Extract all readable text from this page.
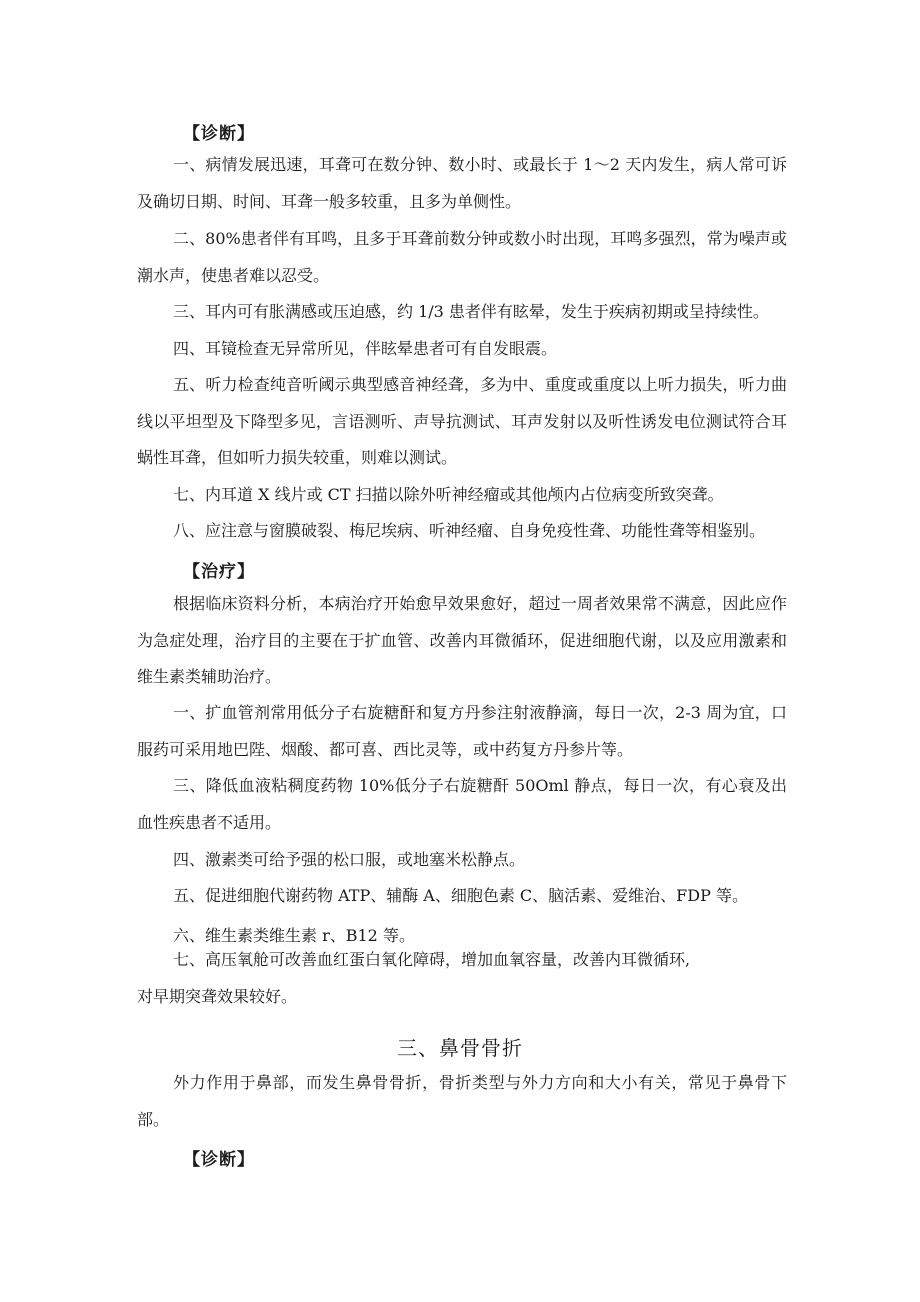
【诊断】

一、病情发展迅速，耳聋可在数分钟、数小时、或最长于 1～2 天内发生，病人常可诉及确切日期、时间、耳聋一般多较重，且多为单侧性。

二、80%患者伴有耳鸣，且多于耳聋前数分钟或数小时出现，耳鸣多强烈，常为噪声或潮水声，使患者难以忍受。

三、耳内可有胀满感或压迫感，约 1/3 患者伴有眩晕，发生于疾病初期或呈持续性。

四、耳镜检查无异常所见，伴眩晕患者可有自发眼震。

五、听力检查纯音听阈示典型感音神经聋，多为中、重度或重度以上听力损失，听力曲线以平坦型及下降型多见，言语测听、声导抗测试、耳声发射以及听性诱发电位测试符合耳蜗性耳聋，但如听力损失较重，则难以测试。

七、内耳道 X 线片或 CT 扫描以除外听神经瘤或其他颅内占位病变所致突聋。

八、应注意与窗膜破裂、梅尼埃病、听神经瘤、自身免疫性聋、功能性聋等相鉴别。

【治疗】

根据临床资料分析，本病治疗开始愈早效果愈好，超过一周者效果常不满意，因此应作为急症处理，治疗目的主要在于扩血管、改善内耳微循环，促进细胞代谢，以及应用激素和维生素类辅助治疗。

一、扩血管剂常用低分子右旋糖酐和复方丹参注射液静滴，每日一次，2-3 周为宜，口服药可采用地巴陛、烟酸、都可喜、西比灵等，或中药复方丹参片等。

三、降低血液粘稠度药物 10%低分子右旋糖酐 50Oml 静点，每日一次，有心衰及出血性疾患者不适用。

四、激素类可给予强的松口服，或地塞米松静点。

五、促进细胞代谢药物 ATP、辅酶 A、细胞色素 C、脑活素、爱维治、FDP 等。

六、维生素类维生素 r、B12 等。

七、高压氧舱可改善血红蛋白氧化障碍，增加血氧容量，改善内耳微循环,
对早期突聋效果较好。
三、鼻骨骨折

外力作用于鼻部，而发生鼻骨骨折，骨折类型与外力方向和大小有关，常见于鼻骨下部。

【诊断】
